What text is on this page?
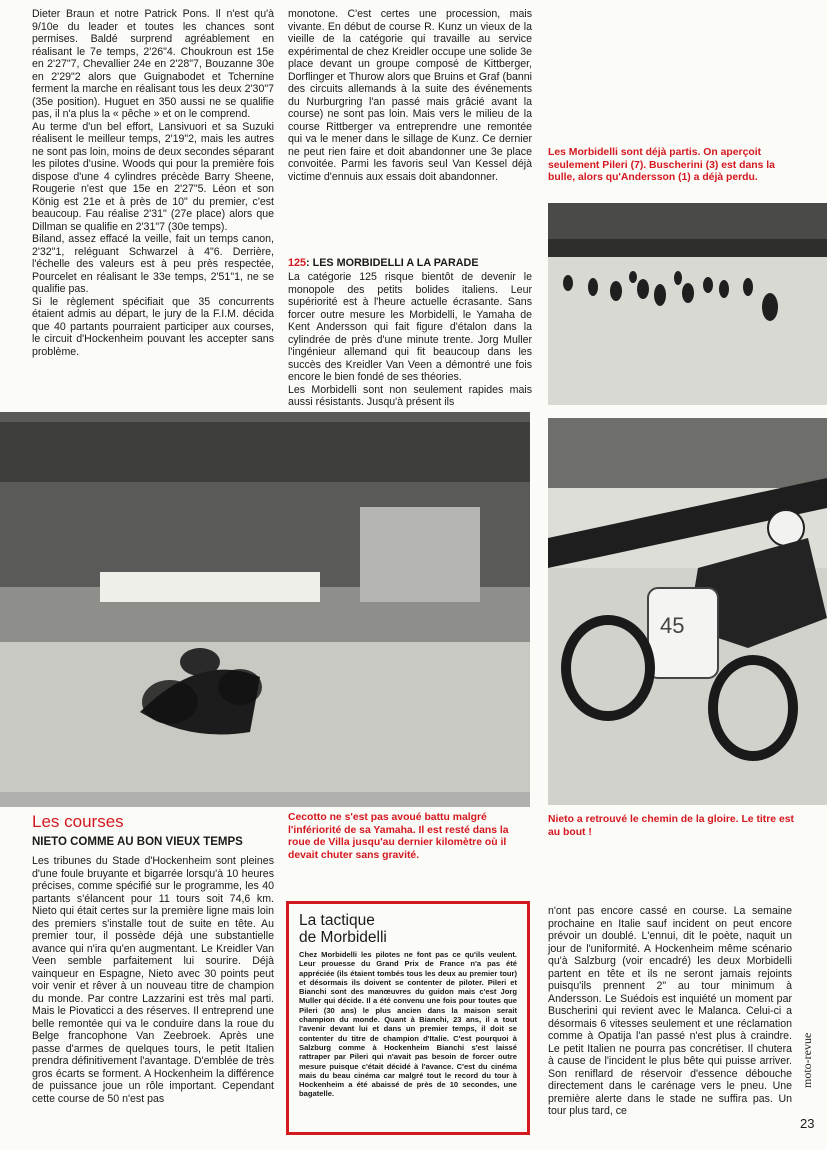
Dieter Braun et notre Patrick Pons. Il n'est qu'à 9/10e du leader et toutes les chances sont permises. Baldé surprend agréablement en réalisant le 7e temps, 2'26"4. Choukroun est 15e en 2'27"7, Chevallier 24e en 2'28"7, Bouzanne 30e en 2'29"2 alors que Guignabodet et Tchernine ferment la marche en réalisant tous les deux 2'30"7 (35e position). Huguet en 350 aussi ne se qualifie pas, il n'a plus la « pêche » et on le comprend.
Au terme d'un bel effort, Lansivuori et sa Suzuki réalisent le meilleur temps, 2'19"2, mais les autres ne sont pas loin, moins de deux secondes séparant les pilotes d'usine. Woods qui pour la première fois dispose d'une 4 cylindres précède Barry Sheene, Rougerie n'est que 15e en 2'27"5. Léon et son König est 21e et à près de 10" du premier, c'est beaucoup. Fau réalise 2'31" (27e place) alors que Dillman se qualifie en 2'31"7 (30e temps).
Biland, assez effacé la veille, fait un temps canon, 2'32"1, reléguant Schwarzel à 4"6. Derrière, l'échelle des valeurs est à peu près respectée, Pourcelet en réalisant le 33e temps, 2'51"1, ne se qualifie pas.
Si le règlement spécifiait que 35 concurrents étaient admis au départ, le jury de la F.I.M. décida que 40 partants pourraient participer aux courses, le circuit d'Hockenheim pouvant les accepter sans problème.

monotone. C'est certes une procession, mais vivante. En début de course R. Kunz un vieux de la vieille de la catégorie qui travaille au service expérimental de chez Kreidler occupe une solide 3e place devant un groupe composé de Kittberger, Dorflinger et Thurow alors que Bruins et Graf (banni des circuits allemands à la suite des événements du Nurburgring l'an passé mais grâcié avant la course) ne sont pas loin. Mais vers le milieu de la course Rittberger va entreprendre une remontée qui va le mener dans le sillage de Kunz. Ce dernier ne peut rien faire et doit abandonner une 3e place convoitée. Parmi les favoris seul Van Kessel déjà victime d'ennuis aux essais doit abandonner.

125: LES MORBIDELLI A LA PARADE

La catégorie 125 risque bientôt de devenir le monopole des petits bolides italiens. Leur supériorité est à l'heure actuelle écrasante. Sans forcer outre mesure les Morbidelli, le Yamaha de Kent Andersson qui fait figure d'étalon dans la cylindrée de près d'une minute trente. Jorg Muller l'ingénieur allemand qui fit beaucoup dans les succès des Kreidler Van Veen a démontré une fois encore le bien fondé de ses théories.
Les Morbidelli sont non seulement rapides mais aussi résistants. Jusqu'à présent ils

Les Morbidelli sont déjà partis. On aperçoit seulement Pileri (7). Buscherini (3) est dans la bulle, alors qu'Andersson (1) a déjà perdu.

45

Cecotto ne s'est pas avoué battu malgré l'infériorité de sa Yamaha. Il est resté dans la roue de Villa jusqu'au dernier kilomètre où il devait chuter sans gravité.

Nieto a retrouvé le chemin de la gloire. Le titre est au bout !

Les courses
NIETO COMME AU BON VIEUX TEMPS

Les tribunes du Stade d'Hockenheim sont pleines d'une foule bruyante et bigarrée lorsqu'à 10 heures précises, comme spécifié sur le programme, les 40 partants s'élancent pour 11 tours soit 74,6 km. Nieto qui était certes sur la première ligne mais loin des premiers s'installe tout de suite en tête. Au premier tour, il possède déjà une substantielle avance qui n'ira qu'en augmentant. Le Kreidler Van Veen semble parfaitement lui sourire. Déjà vainqueur en Espagne, Nieto avec 30 points peut voir venir et rêver à un nouveau titre de champion du monde. Par contre Lazzarini est très mal parti. Mais le Piovaticci a des réserves. Il entreprend une belle remontée qui va le conduire dans la roue du Belge francophone Van Zeebroek. Après une passe d'armes de quelques tours, le petit Italien prendra définitivement l'avantage. D'emblée de très gros écarts se forment. A Hockenheim la différence de puissance joue un rôle important. Cependant cette course de 50 n'est pas

La tactique
de Morbidelli

Chez Morbidelli les pilotes ne font pas ce qu'ils veulent. Leur prouesse du Grand Prix de France n'a pas été appréciée (ils étaient tombés tous les deux au premier tour) et désormais ils doivent se contenter de piloter. Pileri et Bianchi sont des manœuvres du guidon mais c'est Jorg Muller qui décide. Il a été convenu une fois pour toutes que Pileri (30 ans) le plus ancien dans la maison serait champion du monde. Quant à Bianchi, 23 ans, il a tout l'avenir devant lui et dans un premier temps, il doit se contenter du titre de champion d'Italie. C'est pourquoi à Salzburg comme à Hockenheim Bianchi s'est laissé rattraper par Pileri qui n'avait pas besoin de forcer outre mesure puisque c'était décidé à l'avance. C'est du cinéma mais du beau cinéma car malgré tout le record du tour à Hockenheim a été abaissé de près de 10 secondes, une bagatelle.

n'ont pas encore cassé en course. La semaine prochaine en Italie sauf incident on peut encore prévoir un doublé. L'ennui, dit le poète, naquit un jour de l'uniformité. A Hockenheim même scénario qu'à Salzburg (voir encadré) les deux Morbidelli partent en tête et ils ne seront jamais rejoints puisqu'ils prennent 2" au tour minimum à Andersson. Le Suédois est inquiété un moment par Buscherini qui revient avec le Malanca. Celui-ci a désormais 6 vitesses seulement et une réclamation comme à Opatija l'an passé n'est plus à craindre. Le petit Italien ne pourra pas concrétiser. Il chutera à cause de l'incident le plus bête qui puisse arriver. Son reniflard de réservoir d'essence débouche directement dans le carénage vers le pneu. Une première alerte dans le stade ne suffira pas. Un tour plus tard, ce

moto-revue

23
